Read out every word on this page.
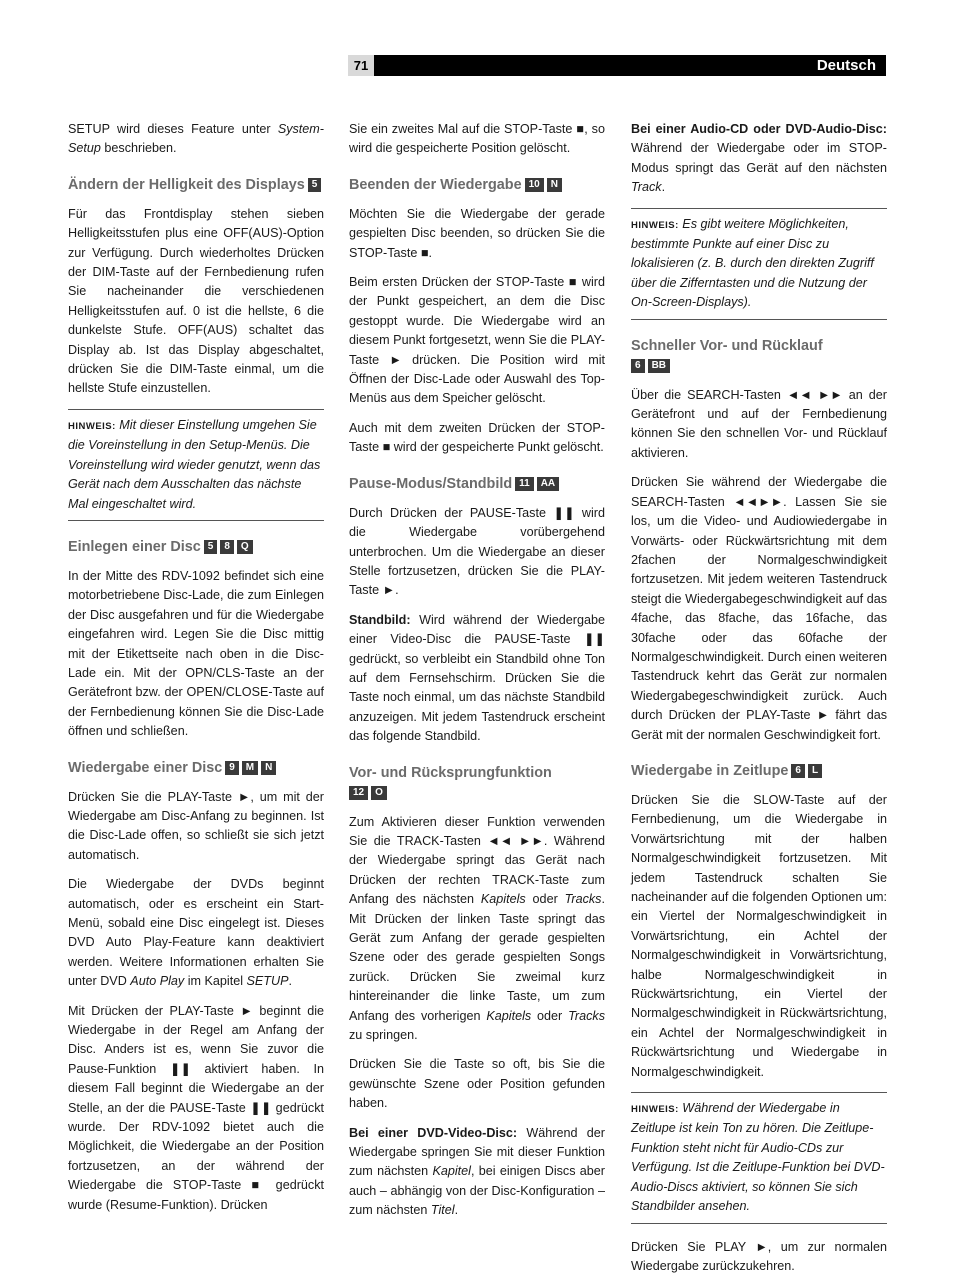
71	Deutsch

SETUP wird dieses Feature unter System-Setup beschrieben.

Ändern der Helligkeit des Displays 5

Für das Frontdisplay stehen sieben Helligkeitsstufen plus eine OFF(AUS)-Option zur Verfügung. Durch wiederholtes Drücken der DIM-Taste auf der Fernbedienung rufen Sie nacheinander die verschiedenen Helligkeitsstufen auf. 0 ist die hellste, 6 die dunkelste Stufe. OFF(AUS) schaltet das Display ab. Ist das Display abgeschaltet, drücken Sie die DIM-Taste einmal, um die hellste Stufe einzustellen.

HINWEIS: Mit dieser Einstellung umgehen Sie die Voreinstellung in den Setup-Menüs. Die Voreinstellung wird wieder genutzt, wenn das Gerät nach dem Ausschalten das nächste Mal eingeschaltet wird.
Einlegen einer Disc 5 8 Q

In der Mitte des RDV-1092 befindet sich eine motorbetriebene Disc-Lade, die zum Einlegen der Disc ausgefahren und für die Wiedergabe eingefahren wird. Legen Sie die Disc mittig mit der Etikettseite nach oben in die Disc-Lade ein. Mit der OPN/CLS-Taste an der Gerätefront bzw. der OPEN/CLOSE-Taste auf der Fernbedienung können Sie die Disc-Lade öffnen und schließen.

Wiedergabe einer Disc 9 M N

Drücken Sie die PLAY-Taste ►, um mit der Wiedergabe am Disc-Anfang zu beginnen. Ist die Disc-Lade offen, so schließt sie sich jetzt automatisch.

Die Wiedergabe der DVDs beginnt automatisch, oder es erscheint ein Start-Menü, sobald eine Disc eingelegt ist. Dieses DVD Auto Play-Feature kann deaktiviert werden. Weitere Informationen erhalten Sie unter DVD Auto Play im Kapitel SETUP.

Mit Drücken der PLAY-Taste ► beginnt die Wiedergabe in der Regel am Anfang der Disc. Anders ist es, wenn Sie zuvor die Pause-Funktion ❚❚ aktiviert haben. In diesem Fall beginnt die Wiedergabe an der Stelle, an der die PAUSE-Taste ❚❚ gedrückt wurde. Der RDV-1092 bietet auch die Möglichkeit, die Wiedergabe an der Position fortzusetzen, an der während der Wiedergabe die STOP-Taste ■ gedrückt wurde (Resume-Funktion). Drücken

Sie ein zweites Mal auf die STOP-Taste ■, so wird die gespeicherte Position gelöscht.

Beenden der Wiedergabe 10 N

Möchten Sie die Wiedergabe der gerade gespielten Disc beenden, so drücken Sie die STOP-Taste ■.

Beim ersten Drücken der STOP-Taste ■ wird der Punkt gespeichert, an dem die Disc gestoppt wurde. Die Wiedergabe wird an diesem Punkt fortgesetzt, wenn Sie die PLAY-Taste ► drücken. Die Position wird mit Öffnen der Disc-Lade oder Auswahl des Top-Menüs aus dem Speicher gelöscht.

Auch mit dem zweiten Drücken der STOP-Taste ■ wird der gespeicherte Punkt gelöscht.

Pause-Modus/Standbild 11 AA

Durch Drücken der PAUSE-Taste ❚❚ wird die Wiedergabe vorübergehend unterbrochen. Um die Wiedergabe an dieser Stelle fortzusetzen, drücken Sie die PLAY-Taste ►.

Standbild: Wird während der Wiedergabe einer Video-Disc die PAUSE-Taste ❚❚ gedrückt, so verbleibt ein Standbild ohne Ton auf dem Fernsehschirm. Drücken Sie die Taste noch einmal, um das nächste Standbild anzuzeigen. Mit jedem Tastendruck erscheint das folgende Standbild.

Vor- und Rücksprungfunktion
12 O

Zum Aktivieren dieser Funktion verwenden Sie die TRACK-Tasten ◄◄ ►►. Während der Wiedergabe springt das Gerät nach Drücken der rechten TRACK-Taste zum Anfang des nächsten Kapitels oder Tracks. Mit Drücken der linken Taste springt das Gerät zum Anfang der gerade gespielten Szene oder des gerade gespielten Songs zurück. Drücken Sie zweimal kurz hintereinander die linke Taste, um zum Anfang des vorherigen Kapitels oder Tracks zu springen.

Drücken Sie die Taste so oft, bis Sie die gewünschte Szene oder Position gefunden haben.

Bei einer DVD-Video-Disc: Während der Wiedergabe springen Sie mit dieser Funktion zum nächsten Kapitel, bei einigen Discs aber auch – abhängig von der Disc-Konfiguration – zum nächsten Titel.

Bei einer Audio-CD oder DVD-Audio-Disc: Während der Wiedergabe oder im STOP-Modus springt das Gerät auf den nächsten Track.

HINWEIS: Es gibt weitere Möglichkeiten, bestimmte Punkte auf einer Disc zu lokalisieren (z. B. durch den direkten Zugriff über die Zifferntasten und die Nutzung der On-Screen-Displays).
Schneller Vor- und Rücklauf
6 BB

Über die SEARCH-Tasten ◄◄ ►► an der Gerätefront und auf der Fernbedienung können Sie den schnellen Vor- und Rücklauf aktivieren.

Drücken Sie während der Wiedergabe die SEARCH-Tasten ◄◄►►. Lassen Sie sie los, um die Video- und Audiowiedergabe in Vorwärts- oder Rückwärtsrichtung mit dem 2fachen der Normalgeschwindigkeit fortzusetzen. Mit jedem weiteren Tastendruck steigt die Wiedergabegeschwindigkeit auf das 4fache, das 8fache, das 16fache, das 30fache oder das 60fache der Normalgeschwindigkeit. Durch einen weiteren Tastendruck kehrt das Gerät zur normalen Wiedergabegeschwindigkeit zurück. Auch durch Drücken der PLAY-Taste ► fährt das Gerät mit der normalen Geschwindigkeit fort.

Wiedergabe in Zeitlupe 6 L

Drücken Sie die SLOW-Taste auf der Fernbedienung, um die Wiedergabe in Vorwärtsrichtung mit der halben Normalgeschwindigkeit fortzusetzen. Mit jedem Tastendruck schalten Sie nacheinander auf die folgenden Optionen um: ein Viertel der Normalgeschwindigkeit in Vorwärtsrichtung, ein Achtel der Normalgeschwindigkeit in Vorwärtsrichtung, halbe Normalgeschwindigkeit in Rückwärtsrichtung, ein Viertel der Normalgeschwindigkeit in Rückwärtsrichtung, ein Achtel der Normalgeschwindigkeit in Rückwärtsrichtung und Wiedergabe in Normalgeschwindigkeit.

HINWEIS: Während der Wiedergabe in Zeitlupe ist kein Ton zu hören. Die Zeitlupe-Funktion steht nicht für Audio-CDs zur Verfügung. Ist die Zeitlupe-Funktion bei DVD-Audio-Discs aktiviert, so können Sie sich Standbilder ansehen.

Drücken Sie PLAY ►, um zur normalen Wiedergabe zurückzukehren.
